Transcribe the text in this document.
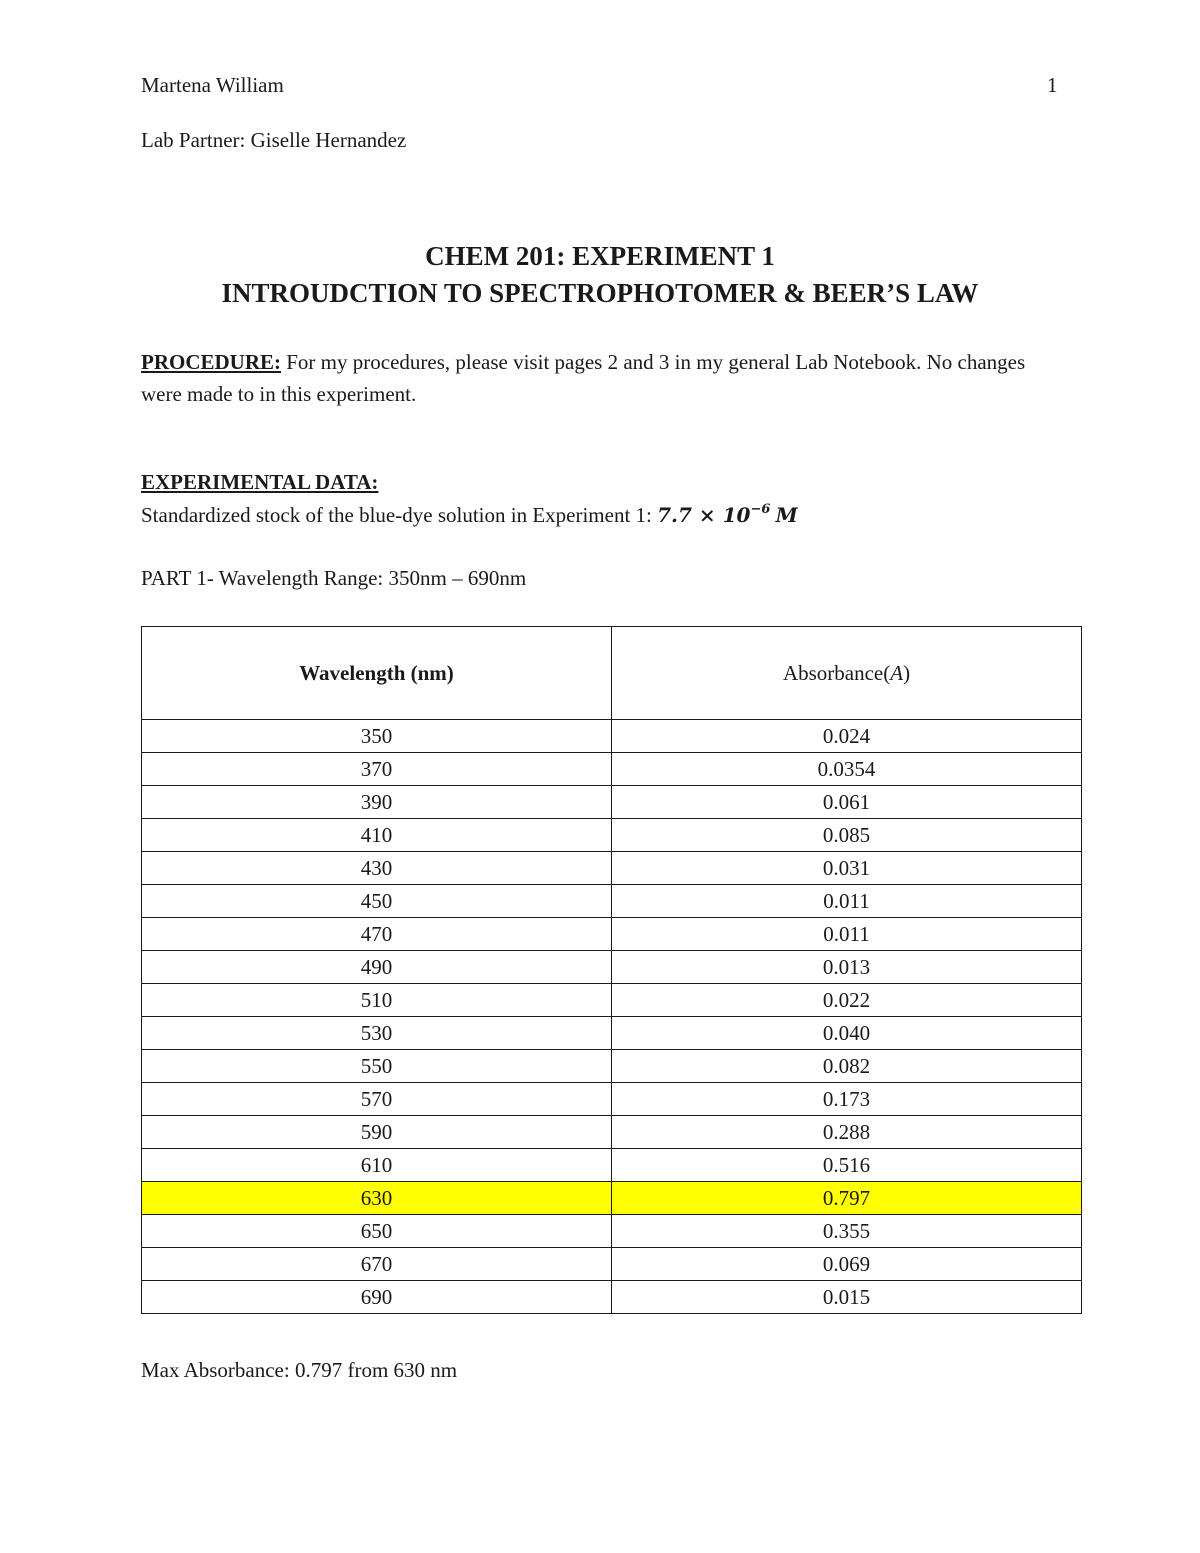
Martena William	1
Lab Partner: Giselle Hernandez
CHEM 201: EXPERIMENT 1
INTROUDCTION TO SPECTROPHOTOMER & BEER’S LAW
PROCEDURE: For my procedures, please visit pages 2 and 3 in my general Lab Notebook. No changes were made to in this experiment.
EXPERIMENTAL DATA:
Standardized stock of the blue-dye solution in Experiment 1: $7.7 \times 10^{-6}$ M
PART 1- Wavelength Range: 350nm – 690nm
Wavelength (nm)	Absorbance(A)
350	0.024
370	0.0354
390	0.061
410	0.085
430	0.031
450	0.011
470	0.011
490	0.013
510	0.022
530	0.040
550	0.082
570	0.173
590	0.288
610	0.516
630	0.797
650	0.355
670	0.069
690	0.015
Max Absorbance: 0.797 from 630 nm
